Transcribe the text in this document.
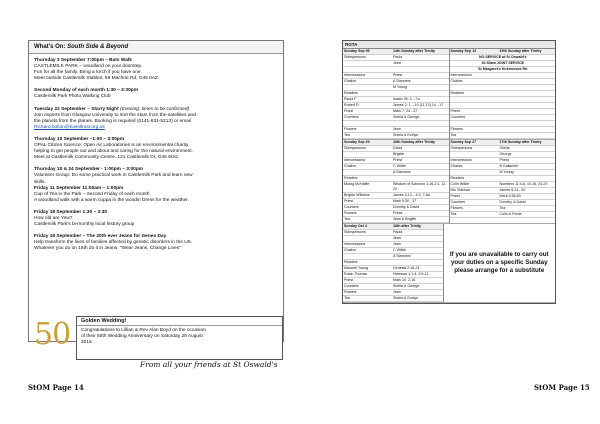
What's On: South Side & Beyond
Thursday 3 September 7:00pm – Bats Walk
CASTLEMILK PARK – woodland on your doorstep.
Fun for all the family. Bring a torch if you have one.
Meet outside Castlemilk Stables, 59 Machrie Rd, G45 0AZ
Second Monday of each month 1:30 – 3:30pm
Castlemilk Park Photo Walking Club
Tuesday 22 September – Starry Night (Evening: times to be confirmed)
Join experts from Glasgow University to sort the stars from the satellites and
the planets from the planes. Booking is required (0141-631-5213) or email
Richard.bolton@kassltrust.org.uk
Thursday 10 September –1:00 – 3:00pm
OPAL Citizen Science: Open Air Laboratories is an environmental charity
helping to get people out and about and caring for the natural environment.
Meet at Castlemilk Community Centre, 121 Castlemilk Dr, G45 9UG.
Thursday 10 & 24 September - 1:00pm – 3:00pm
Volunteer Group: Do some practical work in Castlemilk Park and learn new
skills.
Friday 11 September 11:00am – 1:00pm
Cup of Tea in the Park – Second Friday of each month
A woodland walk with a warm cuppa in the woods! Dress for the weather.
Friday 18 September 1:30 – 3:30
How old are Yew?
Castlemilk Park's bi-monthly local history group
Friday 18 September – The 20th ever Jeans for Genes Day
Help transform the lives of families affected by genetic disorders in the UK.
Whatever you do on 18th do it in Jeans. "Wear Jeans, Change Lives"
50	Golden Wedding!
Congratulations to Lillian & Rev Alan Boyd on the occasion
of their 50th Wedding Anniversary on Saturday 29 August
2015.
From all your friends at St Oswald's
StOM Page 14
ROTA
Sunday Sep 06	14th Sunday after Trinity
Sidespersons	Paula
Jean
Intercessions	Priest
Chalice	A Stanners
M Young
Readers
Paula F	Isaiah 35: 4 – 7a
Robert Fi	James 2: 1 – 10 (11-13) 14 - 17
Priest	Mark 7: 24 - 37
Counters	Sheila & George
Flowers	Jean
Tea	Sheila & Evelyn
Sunday Sep 13	15th Sunday after Trinity
NO SERVICE at St Oswald's
10:30am JOINT SERVICE
St Margaret's Kirkmerock Rd
Intercessions
Chalice
Readers
Priest
Counters
Flowers
Tea
Sunday Sep 20	16th Sunday after Trinity
Sidespersons	David
Brigitte
Intercessions	Priest
Chalice	C Wilkie
A Stanners
Readers
Morag McHaffie	Wisdom of Solomon 1:16-2:1, 12-22
Brigitte Williams	James 3:13 – 4:3, 7-8a
Priest	Mark 9:30 - 37
Counters	Dorothy & David
Flowers	Freda
Tea	Jean & Brigitte
Sunday Sep 27	17th Sunday after Trinity
Sidespersons	Sheila
George
Intercessions	Priest
Chalice	B Gallacher
M Young
Readers
Colin Wilkie	Numbers 11:4-6, 10-16, 24-29
Mic Startuck	James 5:13 - 20
Priest	Mark 9:38-50
Counters	Dorothy & David
Flowers	Tea
Tea	Colin & Freda
Sunday Oct 4	18th after Trinity
Sidespersons	Paula
Jean
Intercessions	Jean
Chalice	C Wilkie
A Stanners
Readers
Maxwell Young	Genesis 2:18-24
Robin Thomas	Hebrews 1:1-4, 2:5-12
Priest	Mark 10: 2-16
Counters	Sheila & George
Flowers	Jean
Tea	Sheila & Evelyn
If you are unavailable to carry out your duties on a specific Sunday please arrange for a substitute
StOM Page 15
